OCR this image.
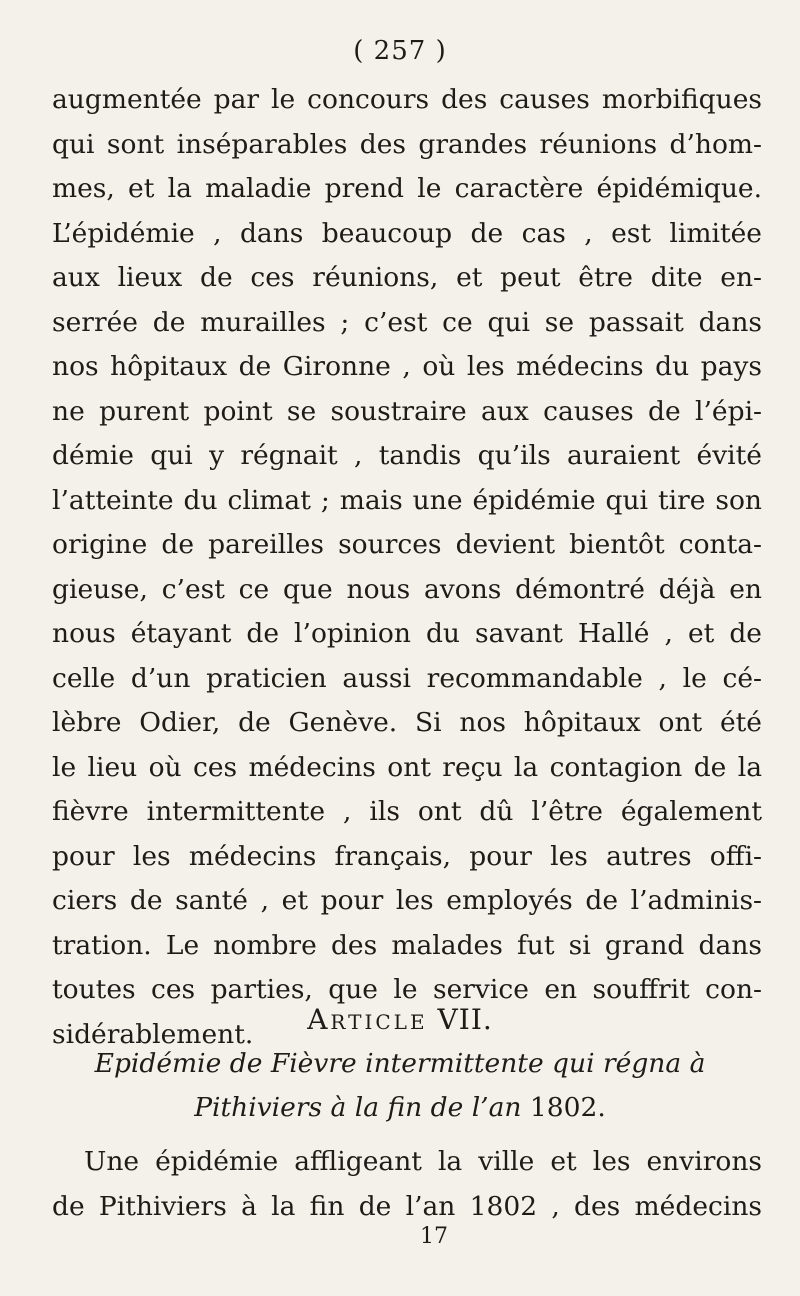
( 257 )
augmentée par le concours des causes morbifiques
qui sont inséparables des grandes réunions d’hom-
mes, et la maladie prend le caractère épidémique.
L’épidémie , dans beaucoup de cas , est limitée
aux lieux de ces réunions, et peut être dite en-
serrée de murailles ; c’est ce qui se passait dans
nos hôpitaux de Gironne , où les médecins du pays
ne purent point se soustraire aux causes de l’épi-
démie qui y régnait , tandis qu’ils auraient évité
l’atteinte du climat ; mais une épidémie qui tire son
origine de pareilles sources devient bientôt conta-
gieuse, c’est ce que nous avons démontré déjà en
nous étayant de l’opinion du savant Hallé , et de
celle d’un praticien aussi recommandable , le cé-
lèbre Odier, de Genève. Si nos hôpitaux ont été
le lieu où ces médecins ont reçu la contagion de la
fièvre intermittente , ils ont dû l’être également
pour les médecins français, pour les autres offi-
ciers de santé , et pour les employés de l’adminis-
tration. Le nombre des malades fut si grand dans
toutes ces parties, que le service en souffrit con-
sidérablement.	Article VII.
Epidémie de Fièvre intermittente qui régna à
Pithiviers à la fin de l’an 1802.
Une épidémie affligeant la ville et les environs
de Pithiviers à la fin de l’an 1802 , des médecins
17
